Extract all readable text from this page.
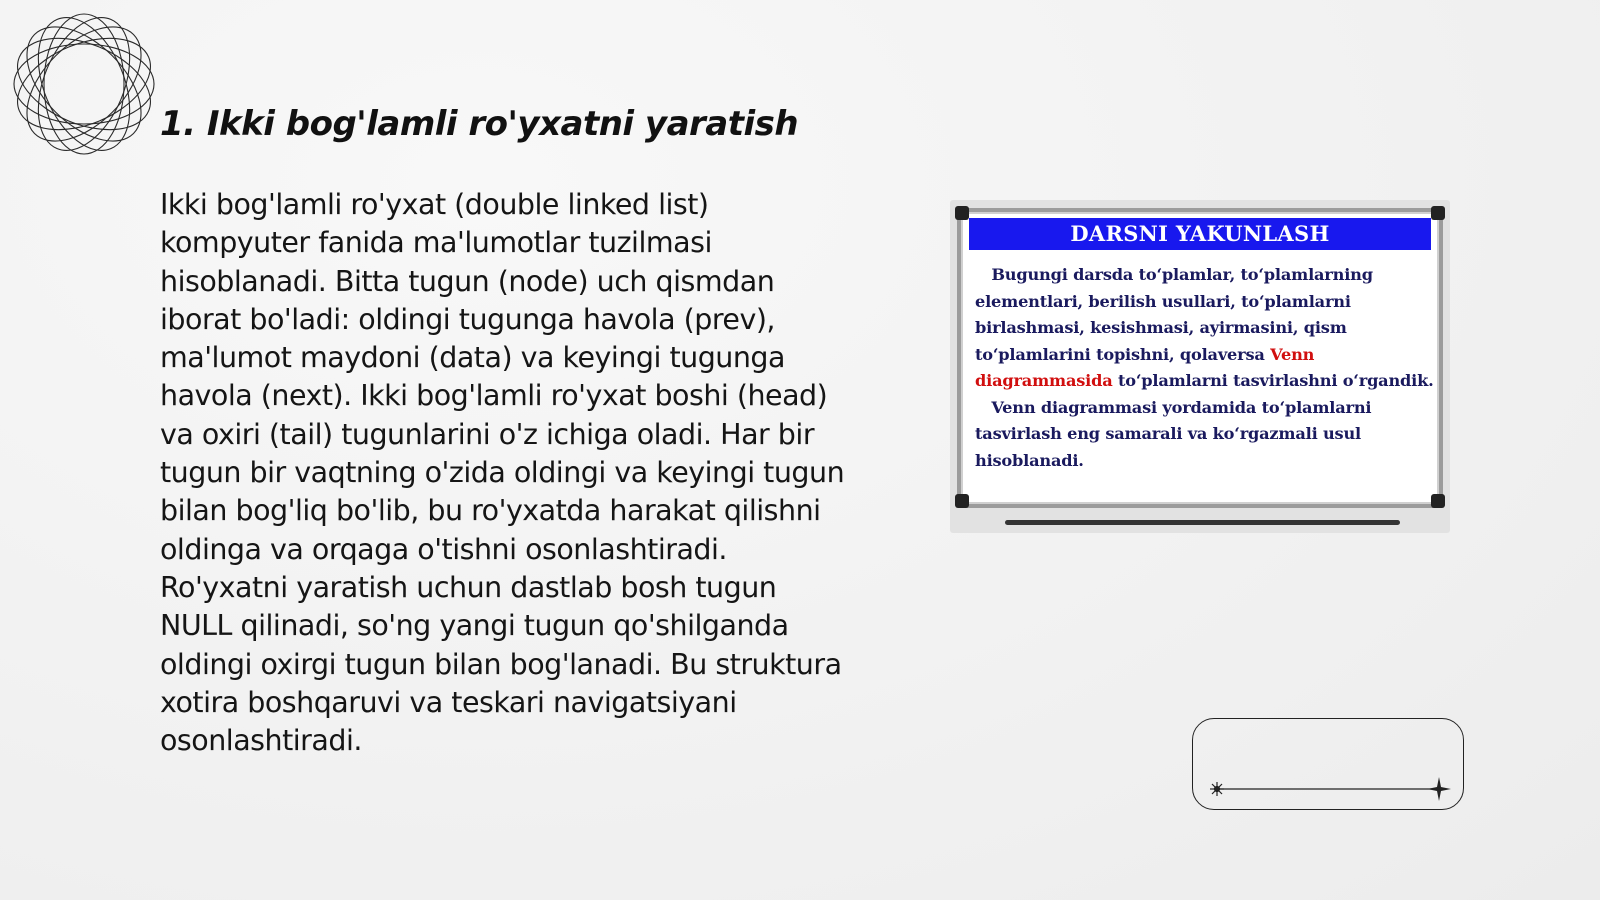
1. Ikki bog'lamli ro'yxatni yaratish

Ikki bog'lamli ro'yxat (double linked list) kompyuter fanida ma'lumotlar tuzilmasi hisoblanadi. Bitta tugun (node) uch qismdan iborat bo'ladi: oldingi tugunga havola (prev), ma'lumot maydoni (data) va keyingi tugunga havola (next). Ikki bog'lamli ro'yxat boshi (head) va oxiri (tail) tugunlarini o'z ichiga oladi. Har bir tugun bir vaqtning o'zida oldingi va keyingi tugun bilan bog'liq bo'lib, bu ro'yxatda harakat qilishni oldinga va orqaga o'tishni osonlashtiradi. Ro'yxatni yaratish uchun dastlab bosh tugun NULL qilinadi, so'ng yangi tugun qo'shilganda oldingi oxirgi tugun bilan bog'lanadi. Bu struktura xotira boshqaruvi va teskari navigatsiyani osonlashtiradi.

DARSNI YAKUNLASH
Bugungi darsda to‘plamlar, to‘plamlarning elementlari, berilish usullari, to‘plamlarni birlashmasi, kesishmasi, ayirmasini, qism to‘plamlarini topishni, qolaversa Venn diagrammasida to‘plamlarni tasvirlashni o‘rgandik.
Venn diagrammasi yordamida to‘plamlarni tasvirlash eng samarali va ko‘rgazmali usul hisoblanadi.
